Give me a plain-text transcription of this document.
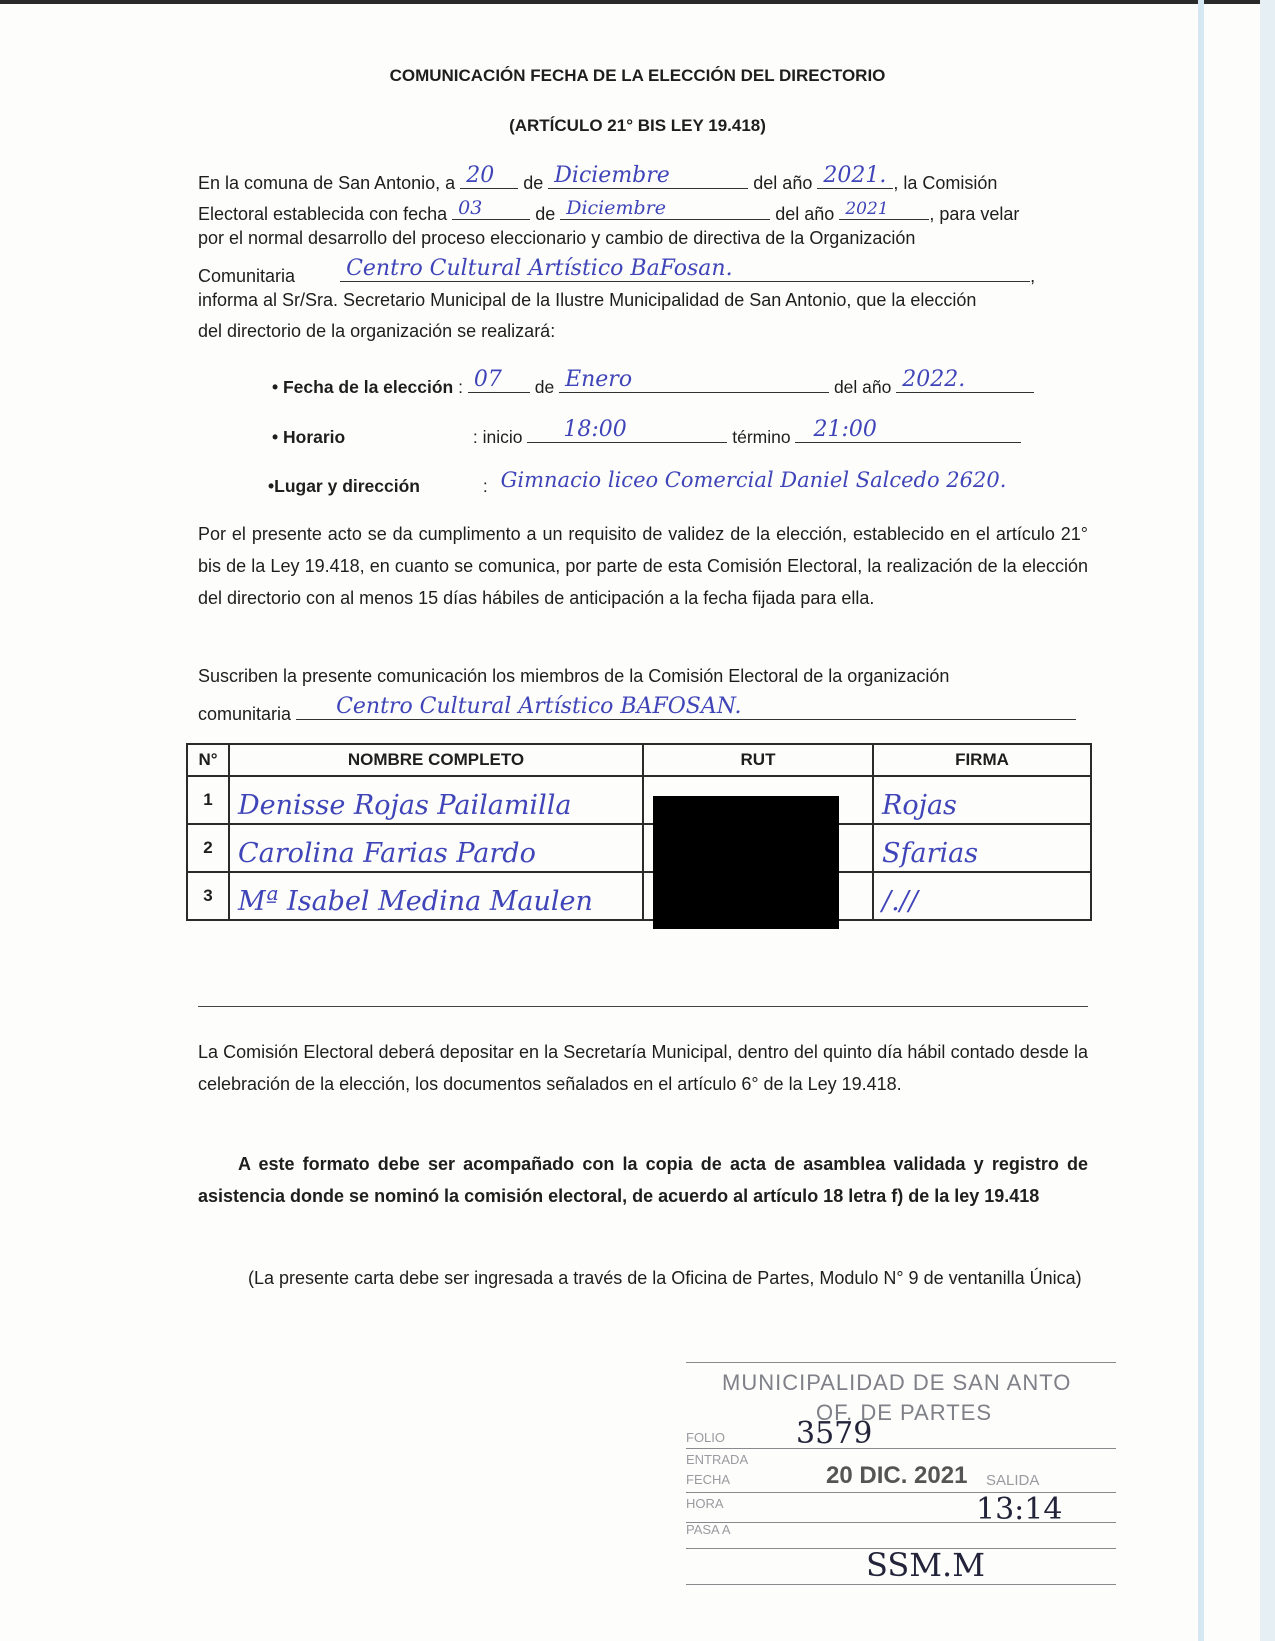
COMUNICACIÓN FECHA DE LA ELECCIÓN DEL DIRECTORIO
(ARTÍCULO 21° BIS LEY 19.418)
En la comuna de San Antonio, a 20 de Diciembre	del año 2021. , la Comisión
Electoral establecida con fecha 03	de Diciembre	del año 2021 , para velar
por el normal desarrollo del proceso eleccionario y cambio de directiva de la Organización
Comunitaria Centro Cultural Artístico BaFosan.	,
informa al Sr/Sra. Secretario Municipal de la Ilustre Municipalidad de San Antonio, que la elección
del directorio de la organización se realizará:
• Fecha de la elección : 07 de Enero	del año 2022.
• Horario	: inicio 18:00	término 21:00
•Lugar y dirección	: Gimnacio liceo Comercial Daniel Salcedo 2620.
Por el presente acto se da cumplimento a un requisito de validez de la elección, establecido en el artículo 21° bis de la Ley 19.418, en cuanto se comunica, por parte de esta Comisión Electoral, la realización de la elección del directorio con al menos 15 días hábiles de anticipación a la fecha fijada para ella.
Suscriben la presente comunicación los miembros de la Comisión Electoral de la organización
comunitaria Centro Cultural Artístico BAFOSAN.
N°	NOMBRE COMPLETO	RUT	FIRMA
1	Denisse Rojas Pailamilla		Rojas

2	Carolina Farias Pardo		Sfarias

3	Mª Isabel Medina Maulen		/.//
La Comisión Electoral deberá depositar en la Secretaría Municipal, dentro del quinto día hábil contado desde la celebración de la elección, los documentos señalados en el artículo 6° de la Ley 19.418.
A este formato debe ser acompañado con la copia de acta de asamblea validada y registro de asistencia donde se nominó la comisión electoral, de acuerdo al artículo 18 letra f) de la ley 19.418
(La presente carta debe ser ingresada a través de la Oficina de Partes, Modulo N° 9 de ventanilla Única)
MUNICIPALIDAD DE SAN ANTO
OF. DE PARTES
FOLIO 3579
ENTRADA
FECHA	20 DIC. 2021 SALIDA
HORA	13:14
PASA A
SSM.M
